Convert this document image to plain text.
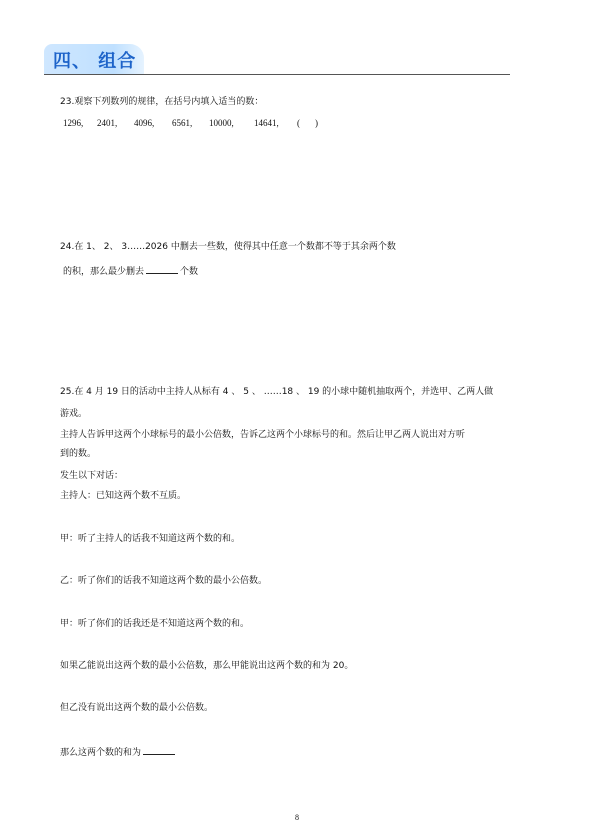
四、 组合
23.观察下列数列的规律，在括号内填入适当的数：
1296, 2401, 4096, 6561, 10000, 14641, ( )
24.在 1、 2、 3……2026 中删去一些数，使得其中任意一个数都不等于其余两个数
的积，那么最少删去	个数
25.在 4 月 19 日的活动中主持人从标有 4 、 5 、 ……18 、 19 的小球中随机抽取两个，并选甲、乙两人做
游戏。
主持人告诉甲这两个小球标号的最小公倍数，告诉乙这两个小球标号的和。然后让甲乙两人说出对方听
到的数。
发生以下对话：
主持人：已知这两个数不互质。
甲：听了主持人的话我不知道这两个数的和。
乙：听了你们的话我不知道这两个数的最小公倍数。
甲：听了你们的话我还是不知道这两个数的和。
如果乙能说出这两个数的最小公倍数，那么甲能说出这两个数的和为 20。
但乙没有说出这两个数的最小公倍数。
那么这两个数的和为
8
